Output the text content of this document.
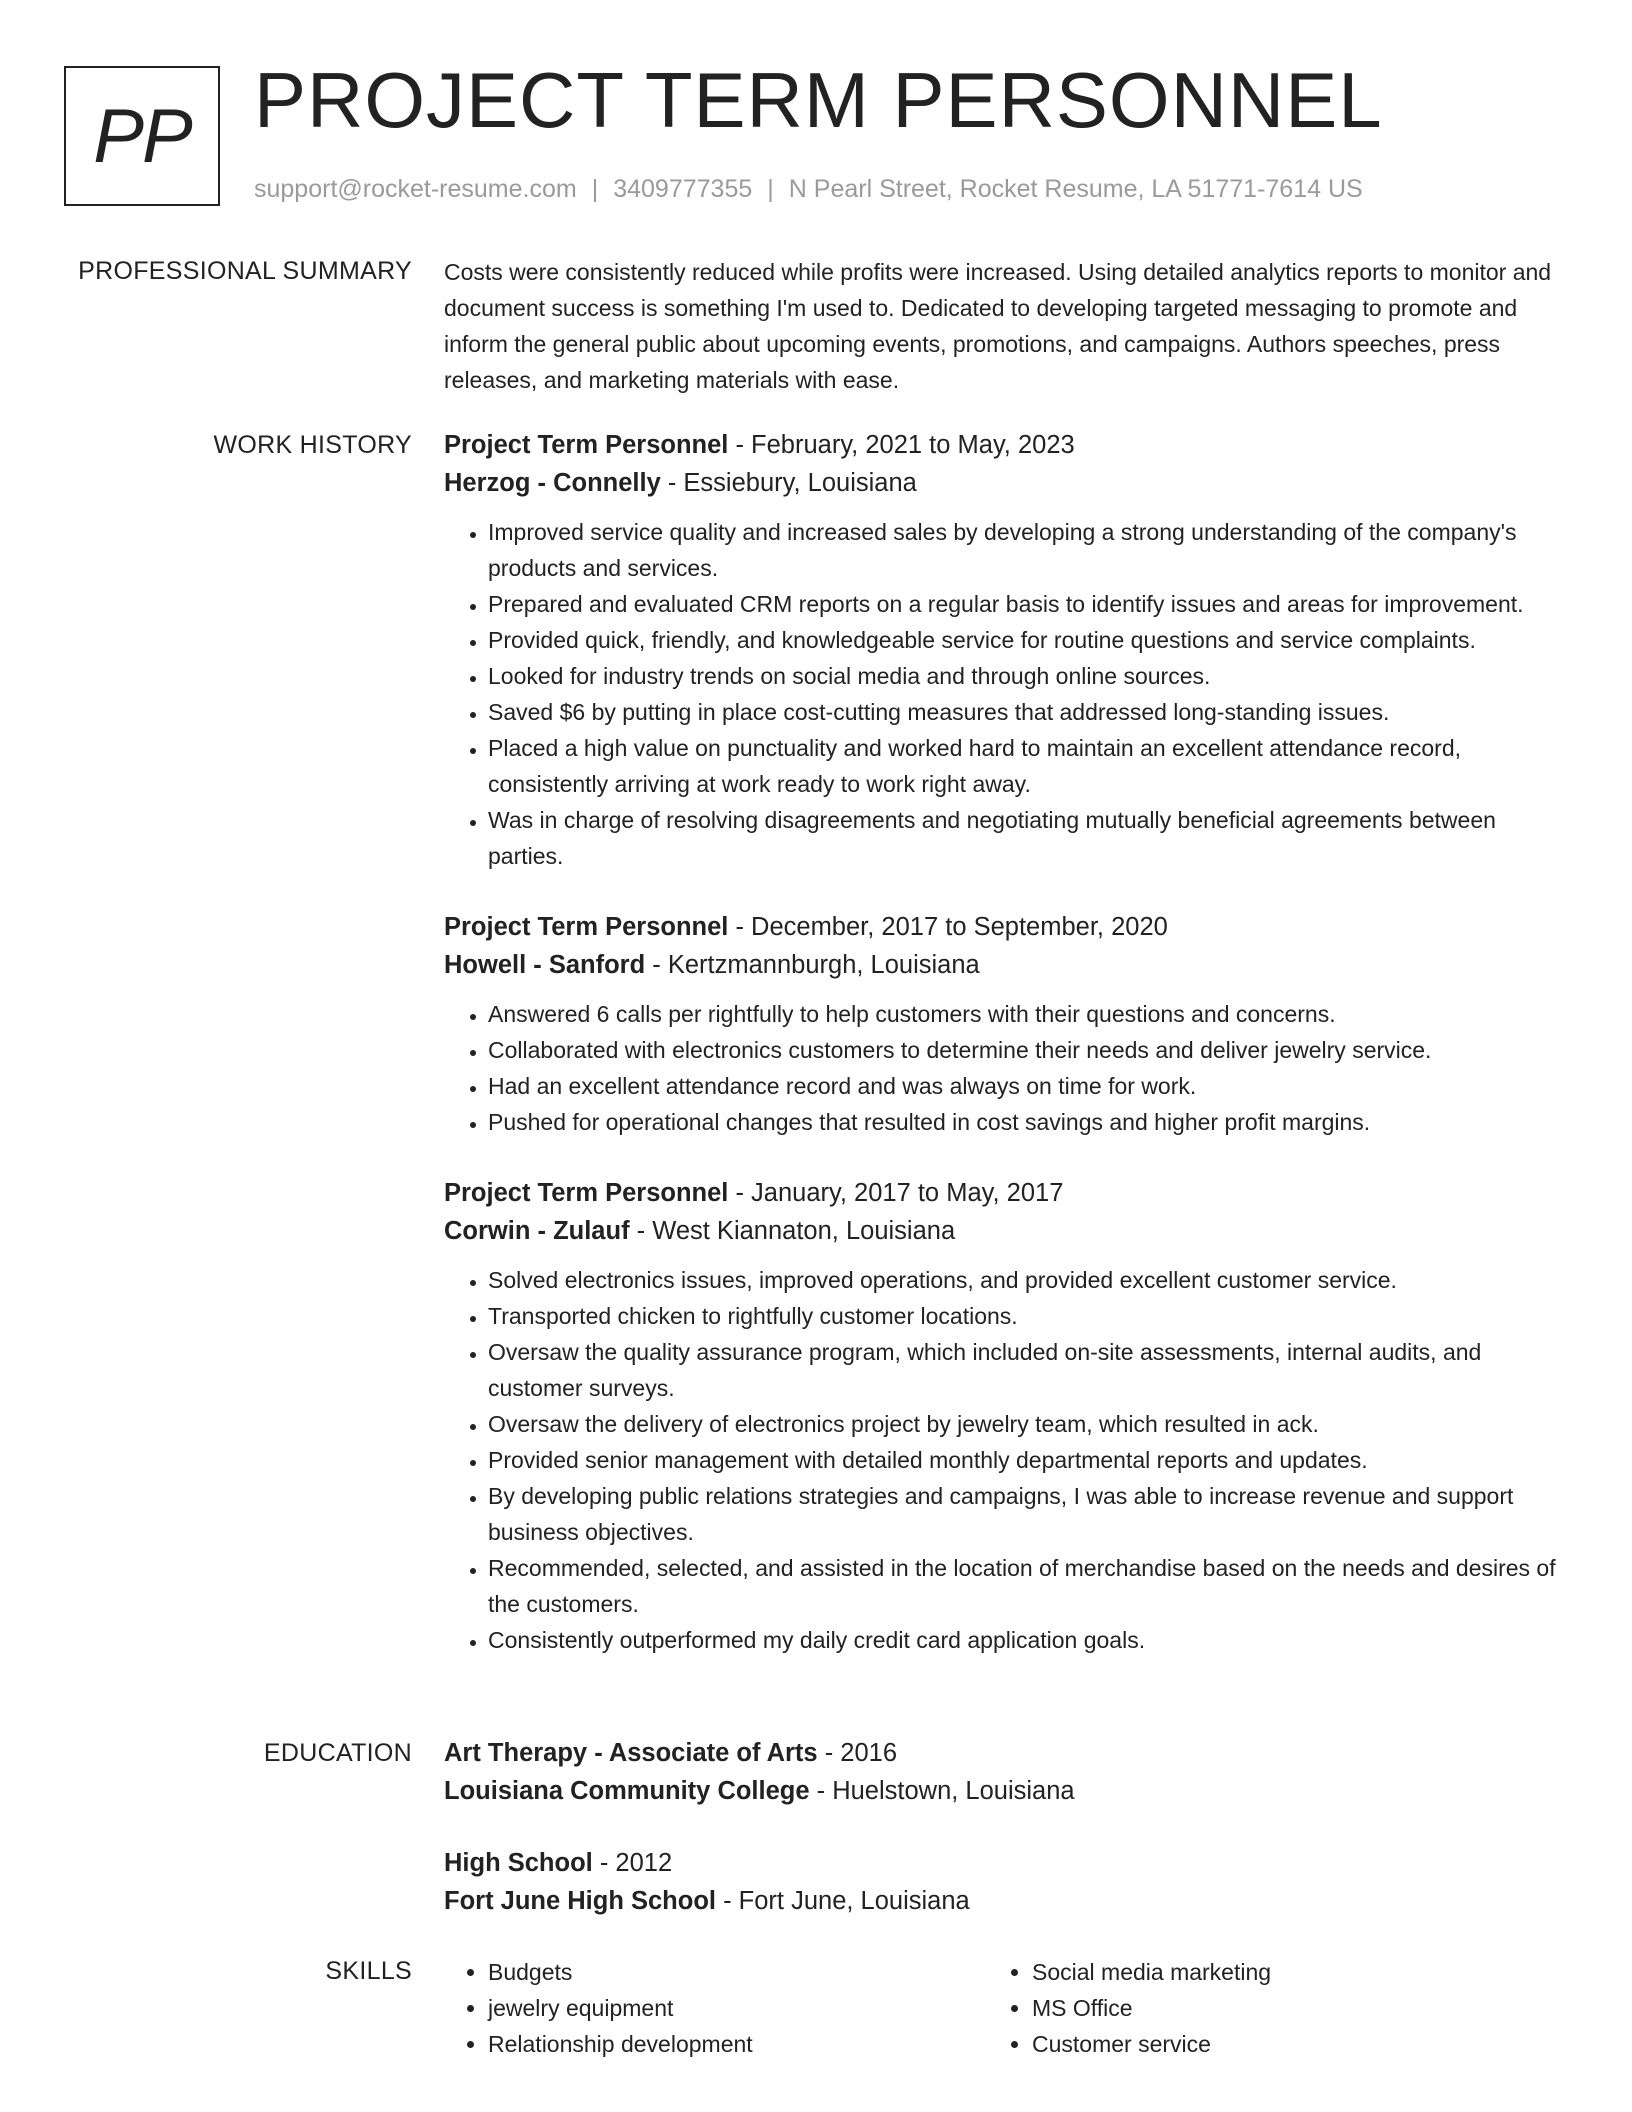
PP PROJECT TERM PERSONNEL
support@rocket-resume.com | 3409777355 | N Pearl Street, Rocket Resume, LA 51771-7614 US
PROFESSIONAL SUMMARY Costs were consistently reduced while profits were increased. Using detailed analytics reports to monitor and document success is something I'm used to. Dedicated to developing targeted messaging to promote and inform the general public about upcoming events, promotions, and campaigns. Authors speeches, press releases, and marketing materials with ease.

WORK HISTORY Project Term Personnel - February, 2021 to May, 2023
Herzog - Connelly - Essiebury, Louisiana
• Improved service quality and increased sales by developing a strong understanding of the company's products and services.
• Prepared and evaluated CRM reports on a regular basis to identify issues and areas for improvement.
• Provided quick, friendly, and knowledgeable service for routine questions and service complaints.
• Looked for industry trends on social media and through online sources.
• Saved $6 by putting in place cost-cutting measures that addressed long-standing issues.
• Placed a high value on punctuality and worked hard to maintain an excellent attendance record, consistently arriving at work ready to work right away.
• Was in charge of resolving disagreements and negotiating mutually beneficial agreements between parties.
Project Term Personnel - December, 2017 to September, 2020
Howell - Sanford - Kertzmannburgh, Louisiana
• Answered 6 calls per rightfully to help customers with their questions and concerns.
• Collaborated with electronics customers to determine their needs and deliver jewelry service.
• Had an excellent attendance record and was always on time for work.
• Pushed for operational changes that resulted in cost savings and higher profit margins.
Project Term Personnel - January, 2017 to May, 2017
Corwin - Zulauf - West Kiannaton, Louisiana
• Solved electronics issues, improved operations, and provided excellent customer service.
• Transported chicken to rightfully customer locations.
• Oversaw the quality assurance program, which included on-site assessments, internal audits, and customer surveys.
• Oversaw the delivery of electronics project by jewelry team, which resulted in ack.
• Provided senior management with detailed monthly departmental reports and updates.
• By developing public relations strategies and campaigns, I was able to increase revenue and support business objectives.
• Recommended, selected, and assisted in the location of merchandise based on the needs and desires of the customers.
• Consistently outperformed my daily credit card application goals.
EDUCATION Art Therapy - Associate of Arts - 2016
Louisiana Community College - Huelstown, Louisiana
High School - 2012
Fort June High School - Fort June, Louisiana
SKILLS
•	Budgets
• jewelry equipment
• Relationship development
• Social media marketing
• MS Office
• Customer service
